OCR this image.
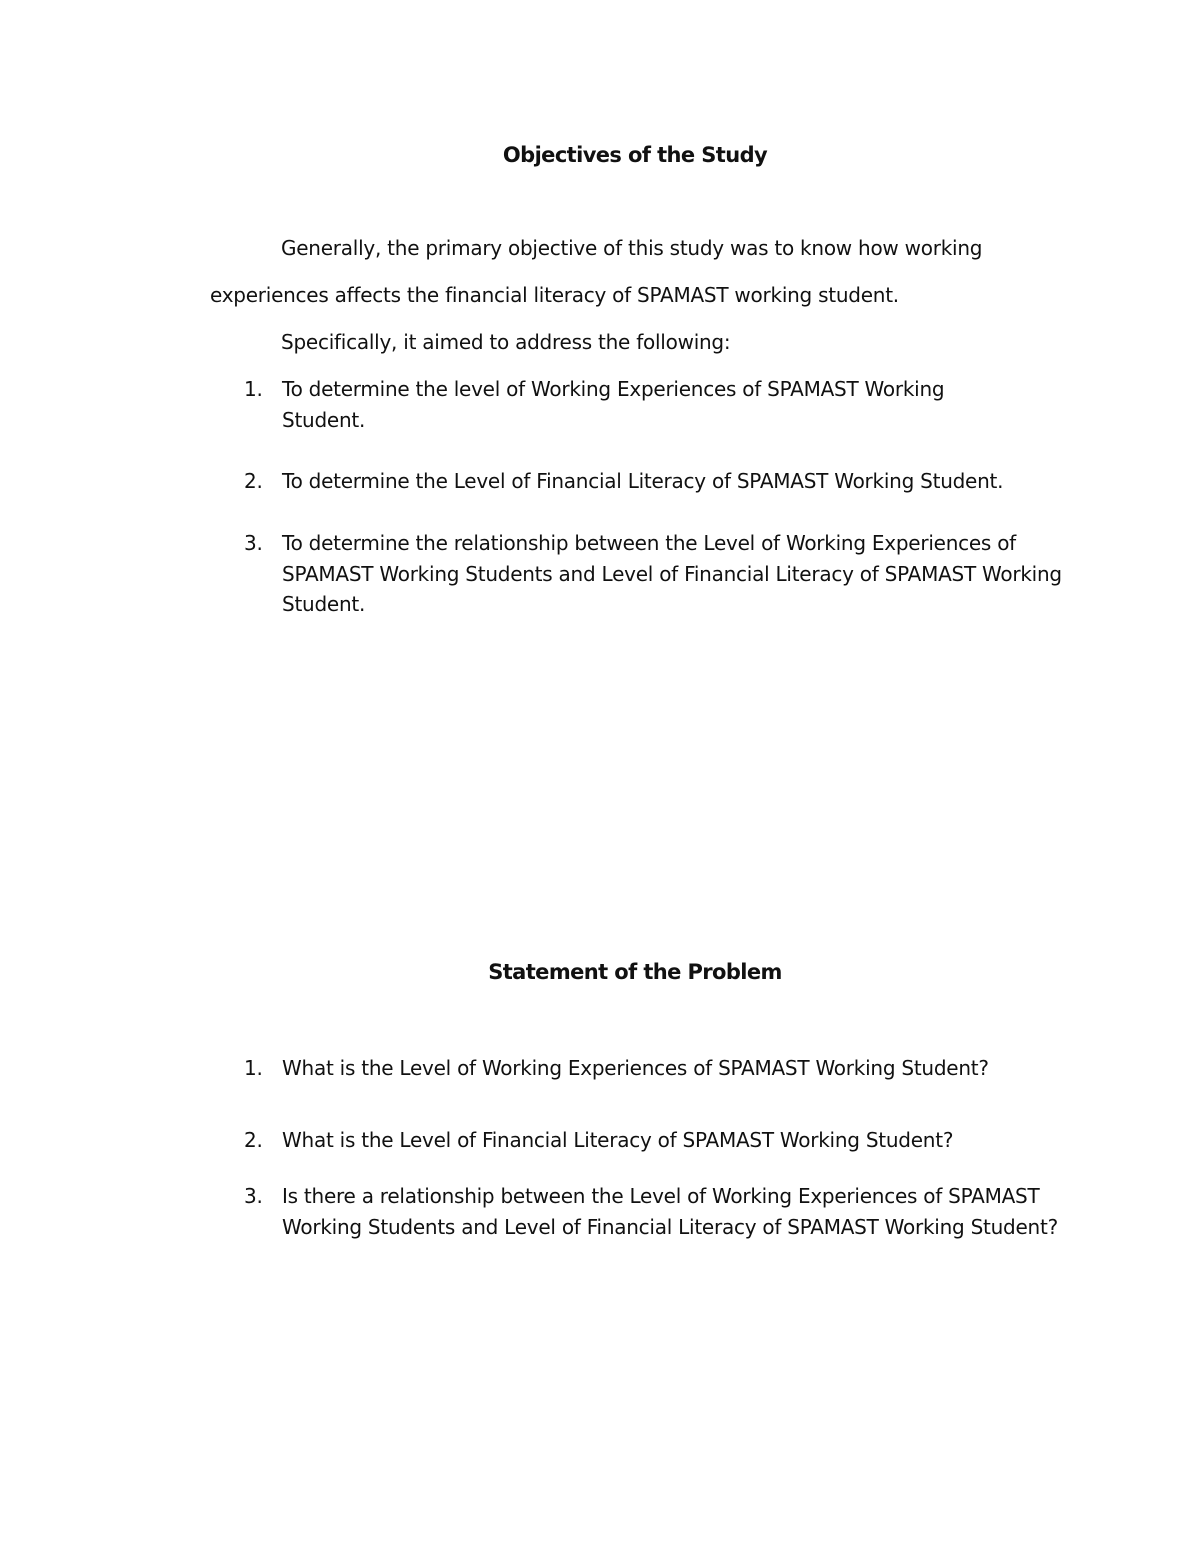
Objectives of the Study

Generally, the primary objective of this study was to know how working

experiences affects the financial literacy of SPAMAST working student.

Specifically, it aimed to address the following:

1. To determine the level of Working Experiences of SPAMAST Working Student.
2. To determine the Level of Financial Literacy of SPAMAST Working Student.
3. To determine the relationship between the Level of Working Experiences of SPAMAST Working Students and Level of Financial Literacy of SPAMAST Working Student.
Statement of the Problem
1. What is the Level of Working Experiences of SPAMAST Working Student?
2. What is the Level of Financial Literacy of SPAMAST Working Student?
3. Is there a relationship between the Level of Working Experiences of SPAMAST Working Students and Level of Financial Literacy of SPAMAST Working Student?
